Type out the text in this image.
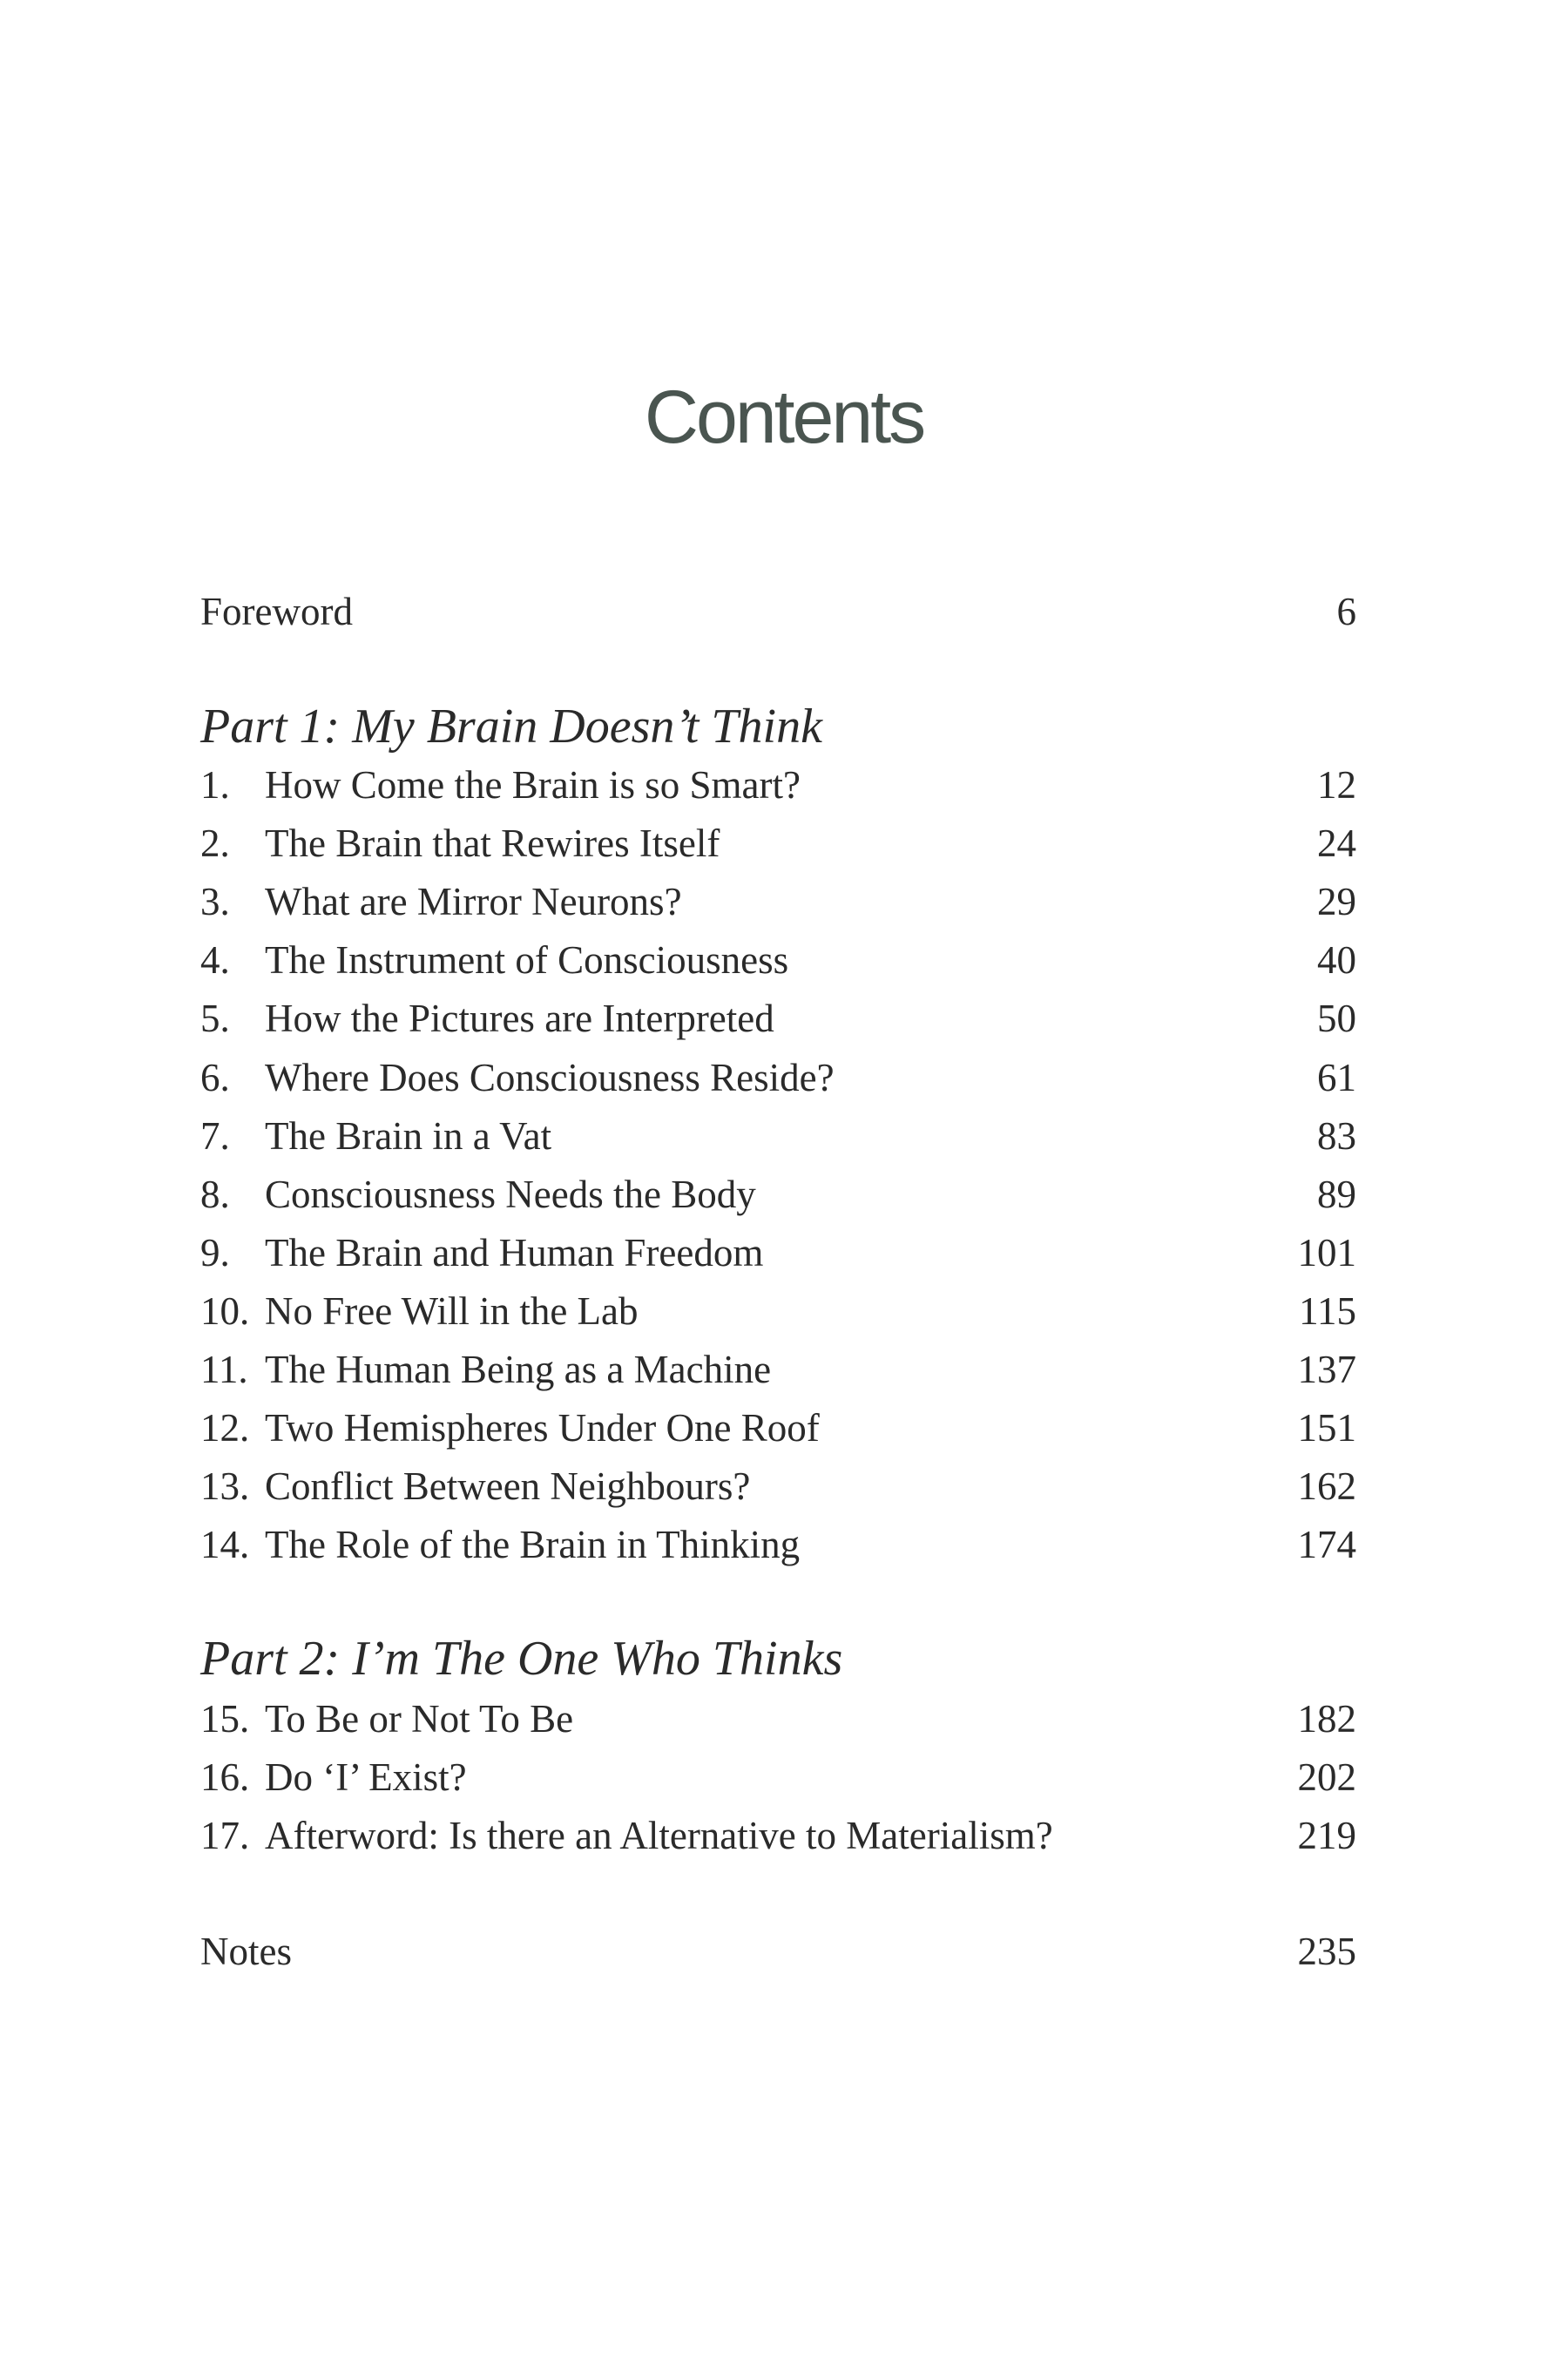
Contents
Foreword	6
Part 1: My Brain Doesn’t Think
Part 2: I’m The One Who Thinks
Notes	235
1. How Come the Brain is so Smart?	12
2. The Brain that Rewires Itself	24
3. What are Mirror Neurons?	29
4. The Instrument of Consciousness	40
5. How the Pictures are Interpreted	50
6. Where Does Consciousness Reside?	61
7. The Brain in a Vat	83
8. Consciousness Needs the Body	89
9. The Brain and Human Freedom	101
10. No Free Will in the Lab	115
11. The Human Being as a Machine	137
12. Two Hemispheres Under One Roof	151
13. Conflict Between Neighbours?	162
14. The Role of the Brain in Thinking	174
15. To Be or Not To Be	182
16. Do ‘I’ Exist?	202
17. Afterword: Is there an Alternative to Materialism?	219
